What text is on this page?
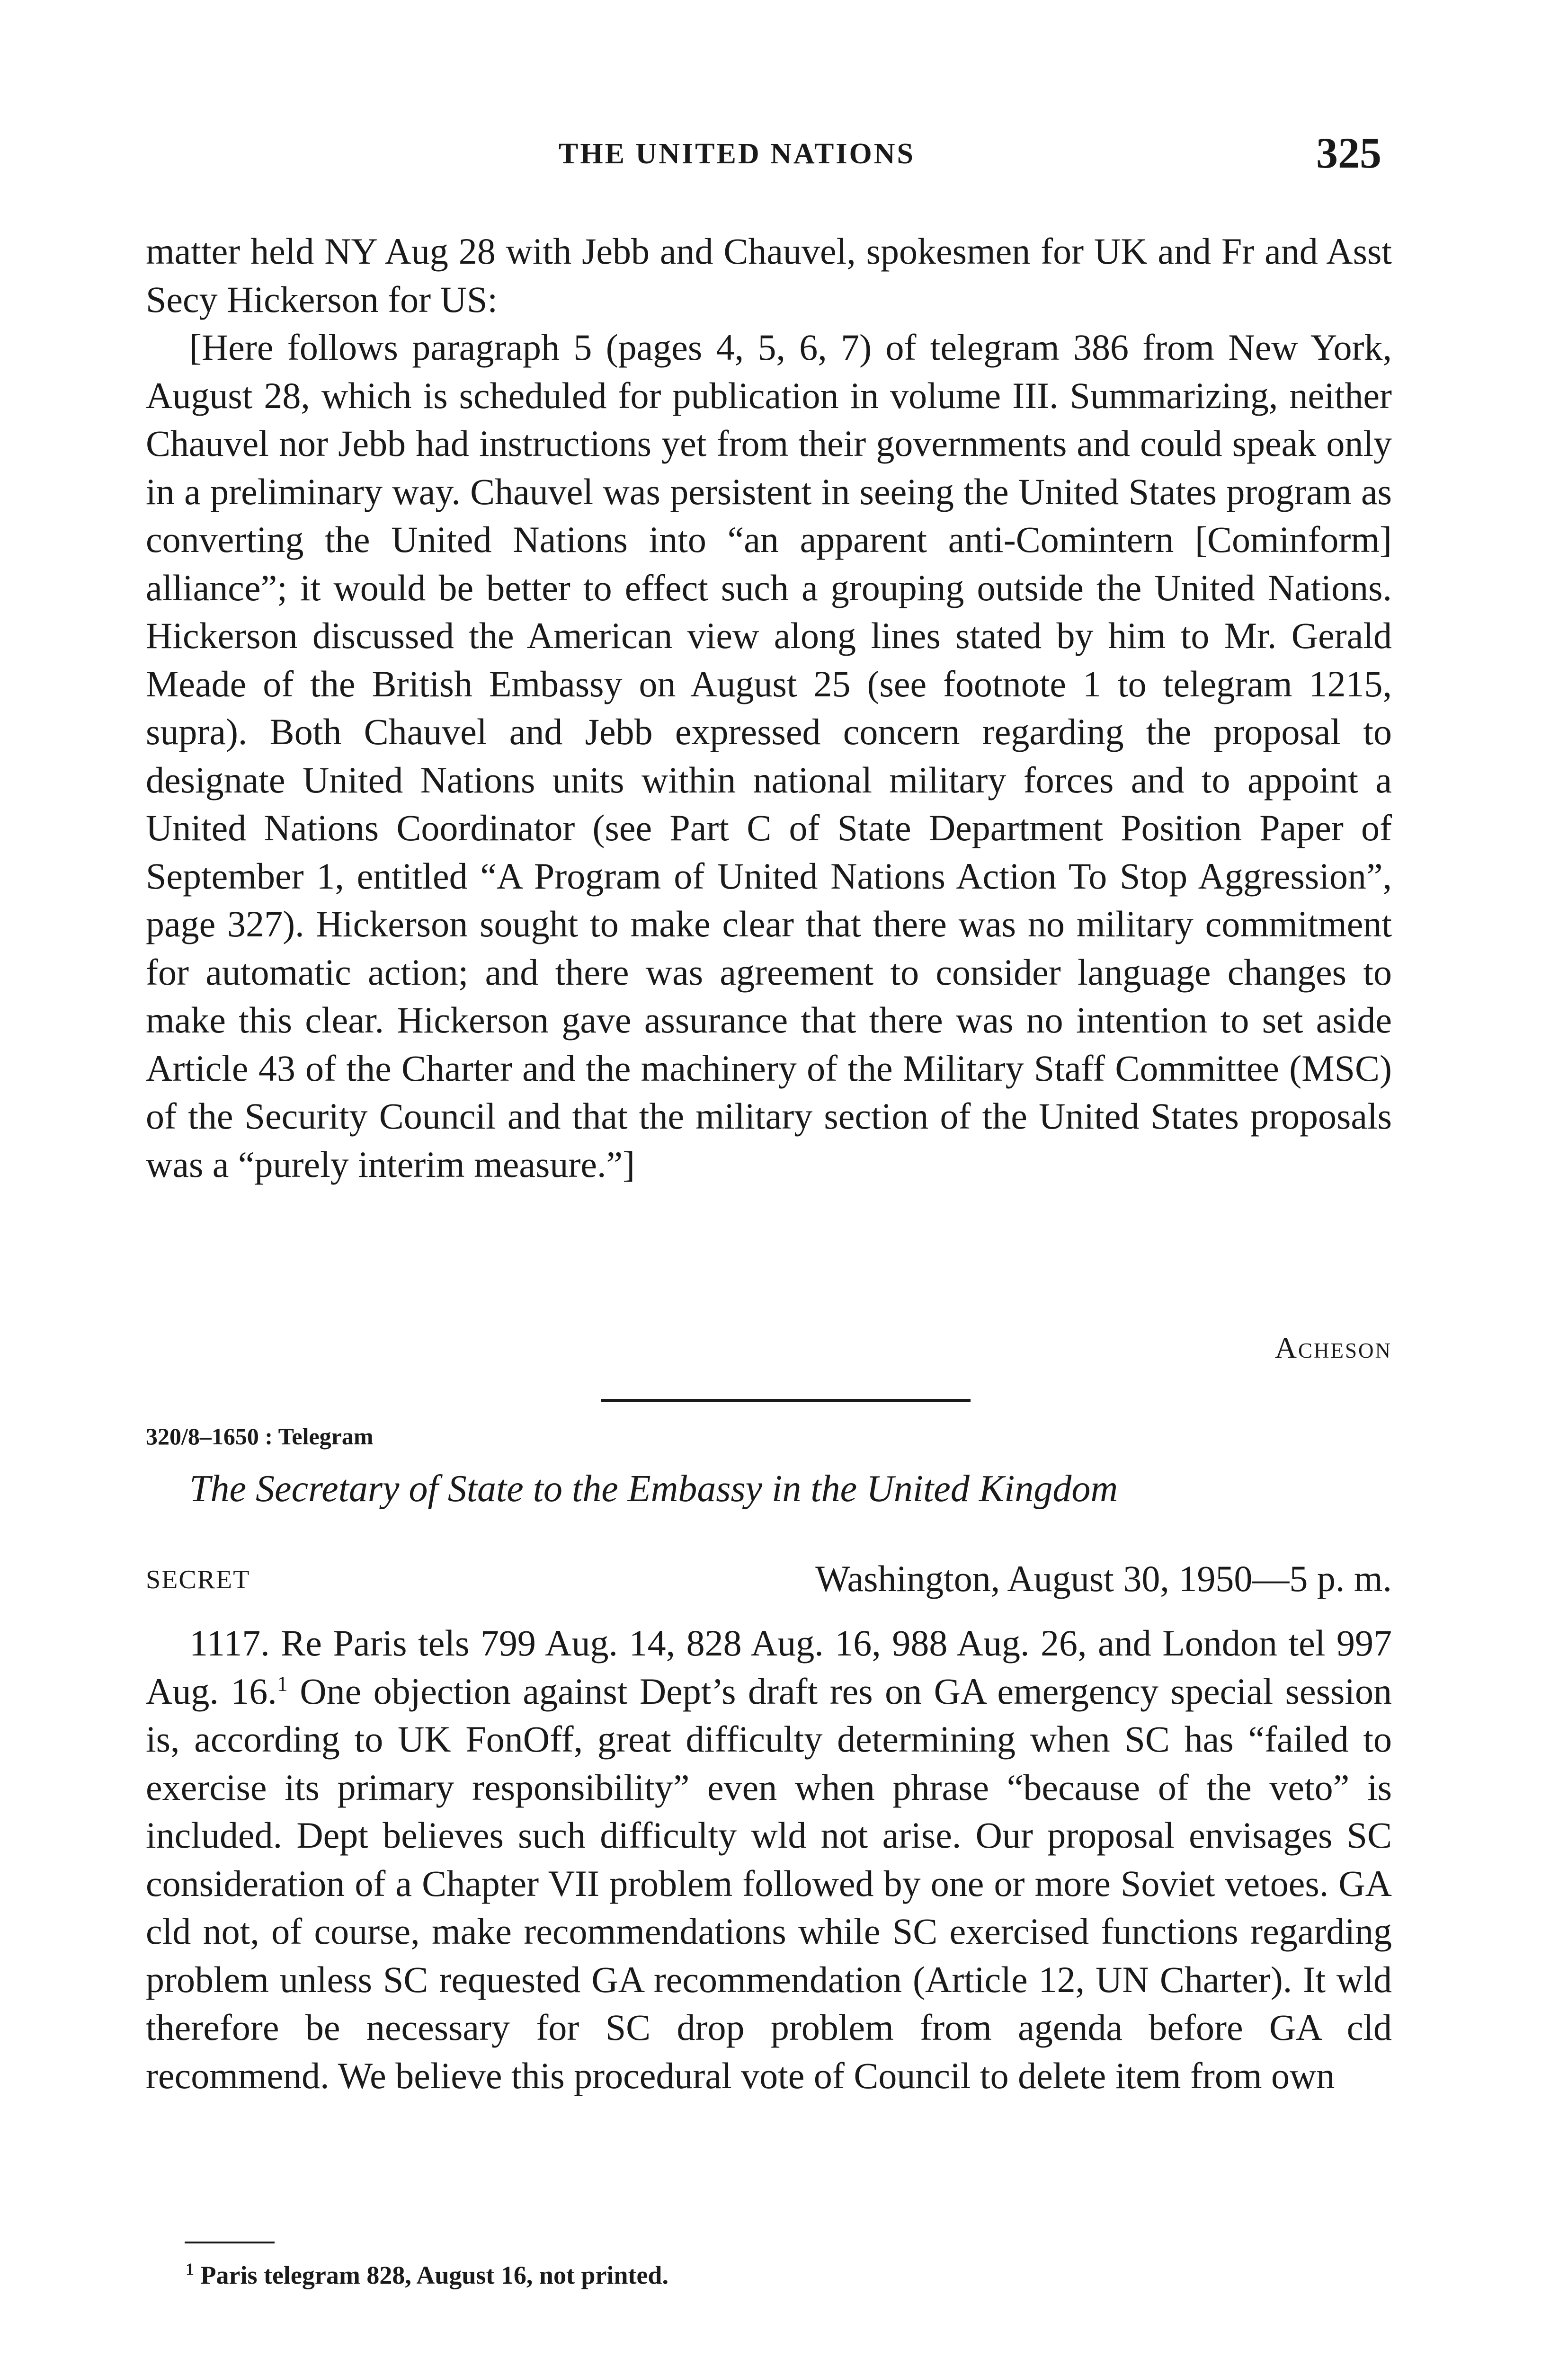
THE UNITED NATIONS	325

matter held NY Aug 28 with Jebb and Chauvel, spokesmen for UK and Fr and Asst Secy Hickerson for US:

[Here follows paragraph 5 (pages 4, 5, 6, 7) of telegram 386 from New York, August 28, which is scheduled for publication in volume III. Summarizing, neither Chauvel nor Jebb had instructions yet from their governments and could speak only in a preliminary way. Chauvel was persistent in seeing the United States program as converting the United Nations into “an apparent anti-Comintern [Cominform] alliance”; it would be better to effect such a grouping outside the United Nations. Hickerson discussed the American view along lines stated by him to Mr. Gerald Meade of the British Embassy on August 25 (see footnote 1 to telegram 1215, supra). Both Chauvel and Jebb expressed concern regarding the proposal to designate United Nations units within national military forces and to appoint a United Nations Coordinator (see Part C of State Department Position Paper of September 1, entitled “A Program of United Nations Action To Stop Aggression”, page 327). Hickerson sought to make clear that there was no military commitment for automatic action; and there was agreement to consider language changes to make this clear. Hickerson gave assurance that there was no intention to set aside Article 43 of the Charter and the machinery of the Military Staff Committee (MSC) of the Security Council and that the military section of the United States proposals was a “purely interim measure.”]

Acheson
320/8–1650 : Telegram
The Secretary of State to the Embassy in the United Kingdom
SECRET	Washington, August 30, 1950—5 p. m.

1117. Re Paris tels 799 Aug. 14, 828 Aug. 16, 988 Aug. 26, and London tel 997 Aug. 16.$^1$ One objection against Dept’s draft res on GA emergency special session is, according to UK FonOff, great difficulty determining when SC has “failed to exercise its primary responsibility” even when phrase “because of the veto” is included. Dept believes such difficulty wld not arise. Our proposal envisages SC consideration of a Chapter VII problem followed by one or more Soviet vetoes. GA cld not, of course, make recommendations while SC exercised functions regarding problem unless SC requested GA recommendation (Article 12, UN Charter). It wld therefore be necessary for SC drop problem from agenda before GA cld recommend. We believe this procedural vote of Council to delete item from own

$^1$ Paris telegram 828, August 16, not printed.
